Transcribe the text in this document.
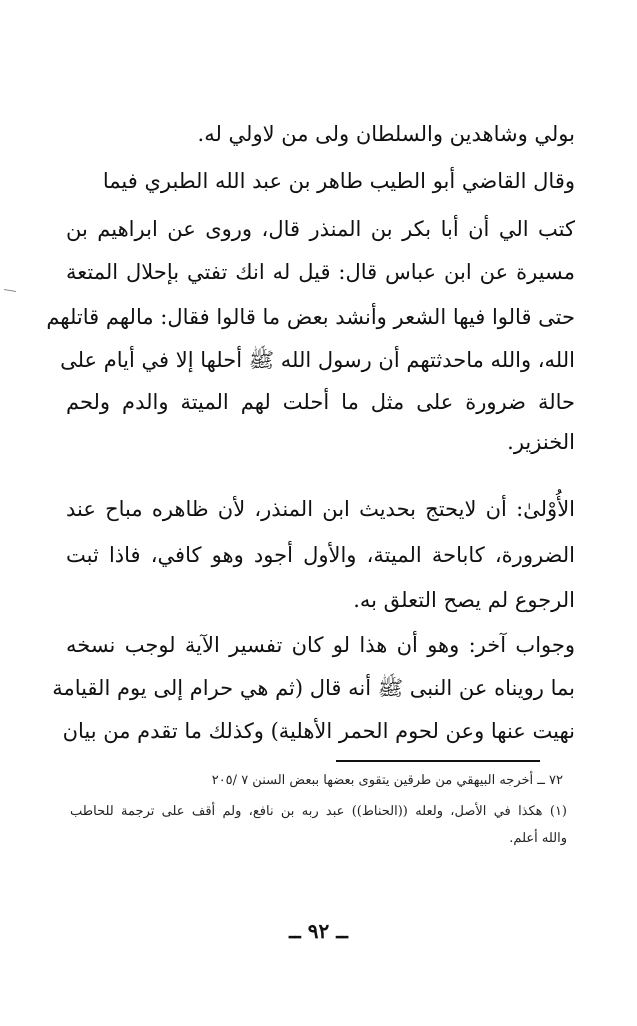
بولي وشاهدين والسلطان ولى من لاولي له.
وقال القاضي أبو الطيب طاهر بن عبد الله الطبري فيما
كتب الي أن أبا بكر بن المنذر قال، وروى عن ابراهيم بن
مسيرة عن ابن عباس قال: قيل له انك تفتي بإحلال المتعة
حتى قالوا فيها الشعر وأنشد بعض ما قالوا فقال: مالهم قاتلهم
الله، والله ماحدثتهم أن رسول الله ﷺ أحلها إلا في أيام على
حالة ضرورة على مثل ما أحلت لهم الميتة والدم ولحم
الخنزير.
الأُوْلىٰ: أن لايحتج بحديث ابن المنذر، لأن ظاهره مباح عند
الضرورة، كاباحة الميتة، والأول أجود وهو كافي، فاذا ثبت
الرجوع لم يصح التعلق به.
وجواب آخر: وهو أن هذا لو كان تفسير الآية لوجب نسخه
بما رويناه عن النبى ﷺ أنه قال (ثم هي حرام إلى يوم القيامة
نهيت عنها وعن لحوم الحمر الأهلية) وكذلك ما تقدم من بيان
٧٢ ــ أخرجه البيهقي من طرقين يتقوى بعضها ببعض السنن ٧ /٢٠٥
(١) هكذا في الأصل، ولعله ((الحناط)) عبد ربه بن نافع، ولم أقف على ترجمة للحاطب
والله أعلم.
ــ ٩٢ ــ
